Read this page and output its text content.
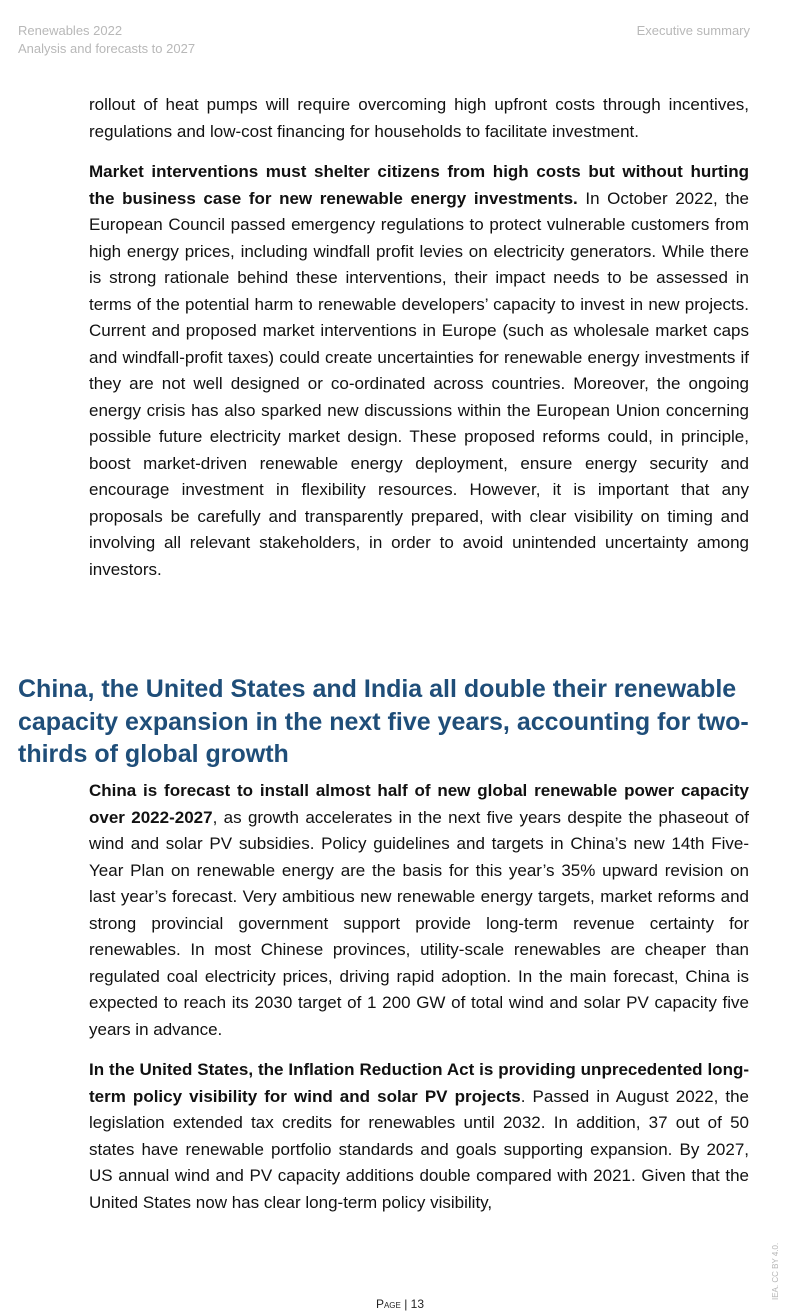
Renewables 2022
Analysis and forecasts to 2027
Executive summary

rollout of heat pumps will require overcoming high upfront costs through incentives, regulations and low-cost financing for households to facilitate investment.

Market interventions must shelter citizens from high costs but without hurting the business case for new renewable energy investments. In October 2022, the European Council passed emergency regulations to protect vulnerable customers from high energy prices, including windfall profit levies on electricity generators. While there is strong rationale behind these interventions, their impact needs to be assessed in terms of the potential harm to renewable developers’ capacity to invest in new projects. Current and proposed market interventions in Europe (such as wholesale market caps and windfall-profit taxes) could create uncertainties for renewable energy investments if they are not well designed or co-ordinated across countries. Moreover, the ongoing energy crisis has also sparked new discussions within the European Union concerning possible future electricity market design. These proposed reforms could, in principle, boost market-driven renewable energy deployment, ensure energy security and encourage investment in flexibility resources. However, it is important that any proposals be carefully and transparently prepared, with clear visibility on timing and involving all relevant stakeholders, in order to avoid unintended uncertainty among investors.

China, the United States and India all double their renewable capacity expansion in the next five years, accounting for two-thirds of global growth

China is forecast to install almost half of new global renewable power capacity over 2022-2027, as growth accelerates in the next five years despite the phaseout of wind and solar PV subsidies. Policy guidelines and targets in China’s new 14th Five-Year Plan on renewable energy are the basis for this year’s 35% upward revision on last year’s forecast. Very ambitious new renewable energy targets, market reforms and strong provincial government support provide long-term revenue certainty for renewables. In most Chinese provinces, utility-scale renewables are cheaper than regulated coal electricity prices, driving rapid adoption. In the main forecast, China is expected to reach its 2030 target of 1 200 GW of total wind and solar PV capacity five years in advance.

In the United States, the Inflation Reduction Act is providing unprecedented long-term policy visibility for wind and solar PV projects. Passed in August 2022, the legislation extended tax credits for renewables until 2032. In addition, 37 out of 50 states have renewable portfolio standards and goals supporting expansion. By 2027, US annual wind and PV capacity additions double compared with 2021. Given that the United States now has clear long-term policy visibility,

Page | 13
IEA. CC BY 4.0.
